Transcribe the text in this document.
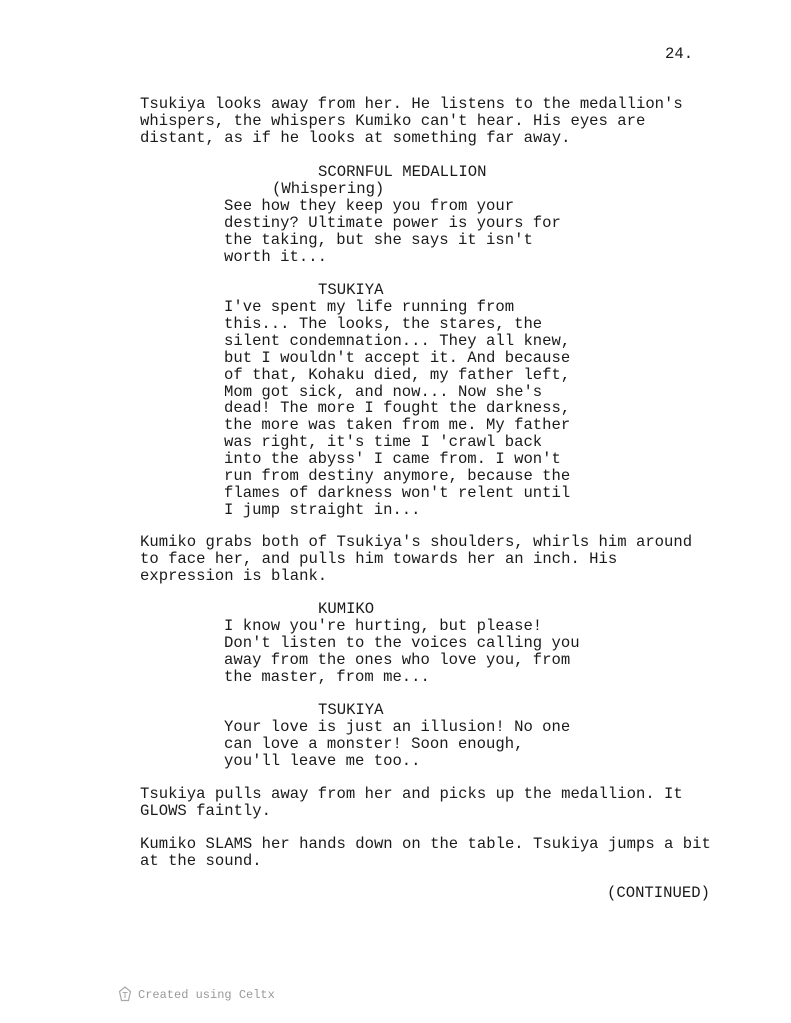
24.

Tsukiya looks away from her. He listens to the medallion's
whispers, the whispers Kumiko can't hear. His eyes are
distant, as if he looks at something far away.

SCORNFUL MEDALLION

(Whispering)

See how they keep you from your
destiny? Ultimate power is yours for
the taking, but she says it isn't
worth it...

TSUKIYA

I've spent my life running from
this... The looks, the stares, the
silent condemnation... They all knew,
but I wouldn't accept it. And because
of that, Kohaku died, my father left,
Mom got sick, and now... Now she's
dead! The more I fought the darkness,
the more was taken from me. My father
was right, it's time I 'crawl back
into the abyss' I came from. I won't
run from destiny anymore, because the
flames of darkness won't relent until
I jump straight in...

Kumiko grabs both of Tsukiya's shoulders, whirls him around
to face her, and pulls him towards her an inch. His
expression is blank.

KUMIKO

I know you're hurting, but please!
Don't listen to the voices calling you
away from the ones who love you, from
the master, from me...

TSUKIYA

Your love is just an illusion! No one
can love a monster! Soon enough,
you'll leave me too..

Tsukiya pulls away from her and picks up the medallion. It
GLOWS faintly.

Kumiko SLAMS her hands down on the table. Tsukiya jumps a bit
at the sound.

(CONTINUED)
Created using Celtx
